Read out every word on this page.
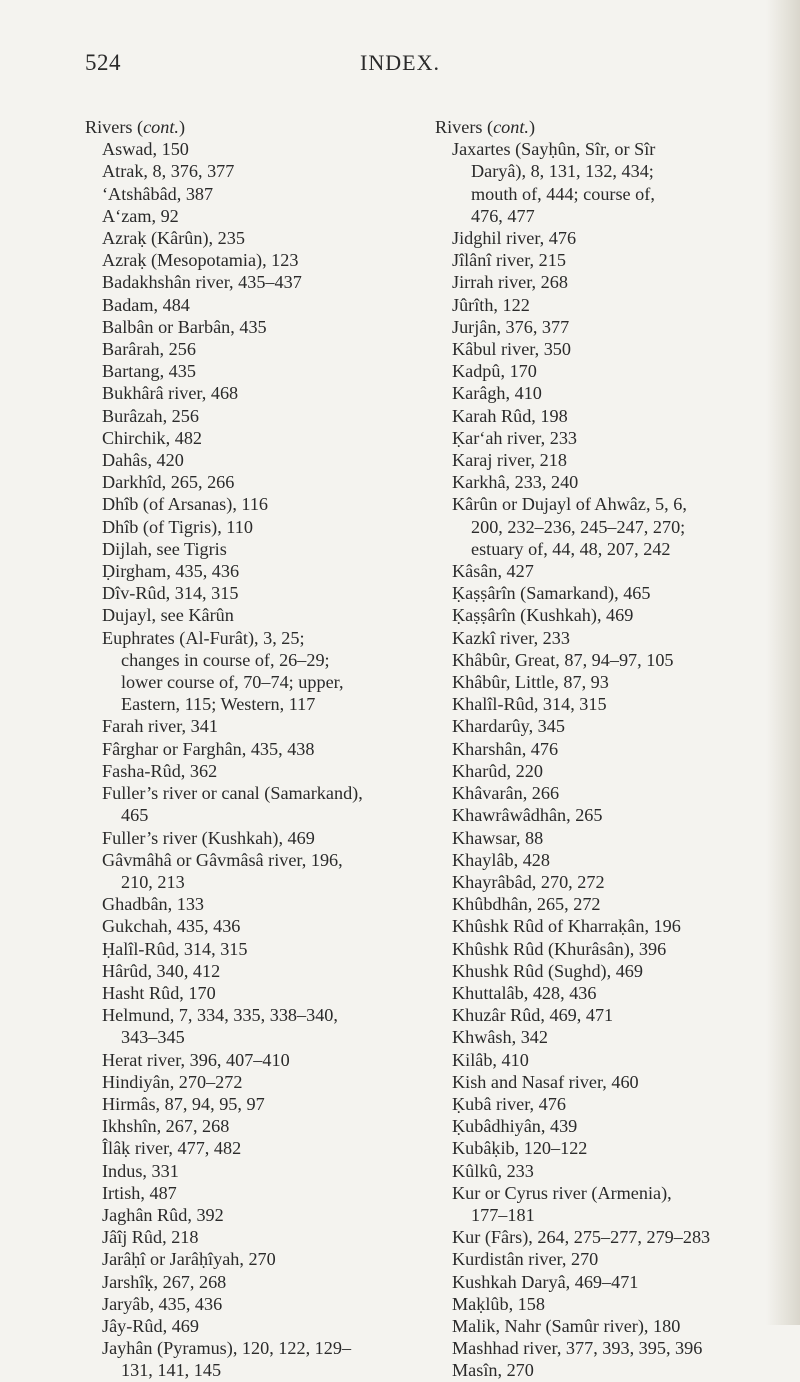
524	INDEX.
Rivers (cont.)
Aswad, 150
Atrak, 8, 376, 377
‘Atshâbâd, 387
A‘zam, 92
Azraḳ (Kârûn), 235
Azraḳ (Mesopotamia), 123
Badakhshân river, 435–437
Badam, 484
Balbân or Barbân, 435
Barârah, 256
Bartang, 435
Bukhârâ river, 468
Burâzah, 256
Chirchik, 482
Dahâs, 420
Darkhîd, 265, 266
Dhîb (of Arsanas), 116
Dhîb (of Tigris), 110
Dijlah, see Tigris
Ḍirgham, 435, 436
Dîv-Rûd, 314, 315
Dujayl, see Kârûn
Euphrates (Al-Furât), 3, 25;
changes in course of, 26–29;
lower course of, 70–74; upper,
Eastern, 115; Western, 117
Farah river, 341
Fârghar or Farghân, 435, 438
Fasha-Rûd, 362
Fuller’s river or canal (Samarkand),
465
Fuller’s river (Kushkah), 469
Gâvmâhâ or Gâvmâsâ river, 196,
210, 213
Ghadbân, 133
Gukchah, 435, 436
Ḥalîl-Rûd, 314, 315
Hârûd, 340, 412
Hasht Rûd, 170
Helmund, 7, 334, 335, 338–340,
343–345
Herat river, 396, 407–410
Hindiyân, 270–272
Hirmâs, 87, 94, 95, 97
Ikhshîn, 267, 268
Îlâḳ river, 477, 482
Indus, 331
Irtish, 487
Jaghân Rûd, 392
Jâîj Rûd, 218
Jarâḥî or Jarâḥîyah, 270
Jarshîḳ, 267, 268
Jaryâb, 435, 436
Jây-Rûd, 469
Jayhân (Pyramus), 120, 122, 129–
131, 141, 145
Rivers (cont.)
Jaxartes (Sayḥûn, Sîr, or Sîr
Daryâ), 8, 131, 132, 434;
mouth of, 444; course of,
476, 477
Jidghil river, 476
Jîlânî river, 215
Jirrah river, 268
Jûrîth, 122
Jurjân, 376, 377
Kâbul river, 350
Kadpû, 170
Karâgh, 410
Karah Rûd, 198
Ḳar‘ah river, 233
Karaj river, 218
Karkhâ, 233, 240
Kârûn or Dujayl of Ahwâz, 5, 6,
200, 232–236, 245–247, 270;
estuary of, 44, 48, 207, 242
Kâsân, 427
Ḳaṣṣârîn (Samarkand), 465
Ḳaṣṣârîn (Kushkah), 469
Kazkî river, 233
Khâbûr, Great, 87, 94–97, 105
Khâbûr, Little, 87, 93
Khalîl-Rûd, 314, 315
Khardarûy, 345
Kharshân, 476
Kharûd, 220
Khâvarân, 266
Khawrâwâdhân, 265
Khawsar, 88
Khaylâb, 428
Khayrâbâd, 270, 272
Khûbdhân, 265, 272
Khûshk Rûd of Kharraḳân, 196
Khûshk Rûd (Khurâsân), 396
Khushk Rûd (Sughd), 469
Khuttalâb, 428, 436
Khuzâr Rûd, 469, 471
Khwâsh, 342
Kilâb, 410
Kish and Nasaf river, 460
Ḳubâ river, 476
Ḳubâdhiyân, 439
Kubâḳib, 120–122
Kûlkû, 233
Kur or Cyrus river (Armenia),
177–181
Kur (Fârs), 264, 275–277, 279–283
Kurdistân river, 270
Kushkah Daryâ, 469–471
Maḳlûb, 158
Malik, Nahr (Samûr river), 180
Mashhad river, 377, 393, 395, 396
Masîn, 270
